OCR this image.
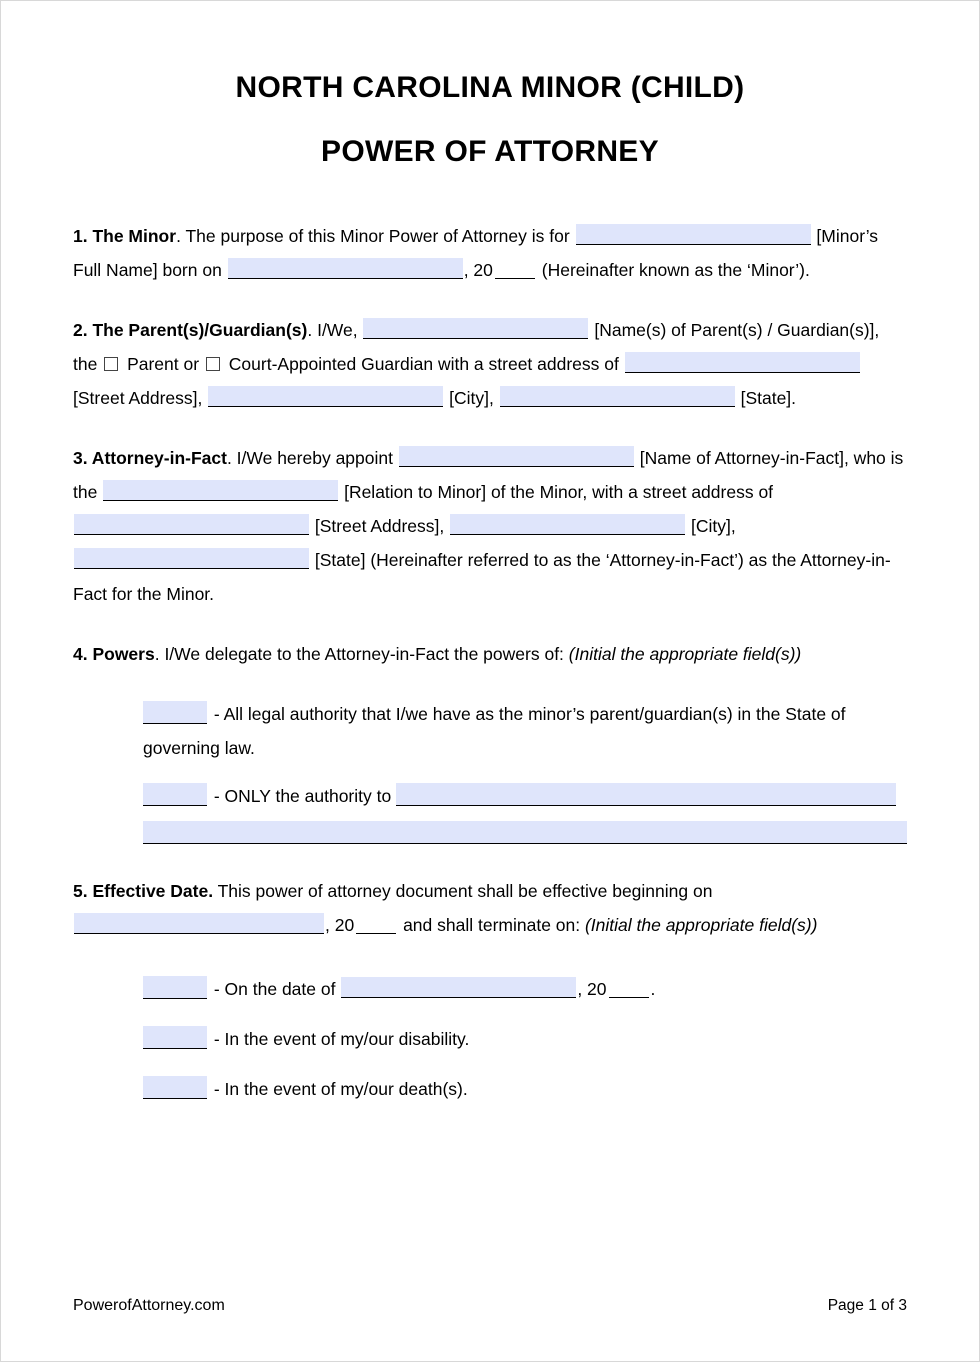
NORTH CAROLINA MINOR (CHILD)
POWER OF ATTORNEY
1. The Minor. The purpose of this Minor Power of Attorney is for	[Minor’s Full Name] born on	, 20	(Hereinafter known as the ‘Minor’).
2. The Parent(s)/Guardian(s). I/We,	[Name(s) of Parent(s) / Guardian(s)], the  Parent or  Court-Appointed Guardian with a street address of  [Street Address],	[City],	[State].
3. Attorney-in-Fact. I/We hereby appoint	[Name of Attorney-in-Fact], who is the	[Relation to Minor] of the Minor, with a street address of  [Street Address],	[City],  [State] (Hereinafter referred to as the ‘Attorney-in-Fact’) as the Attorney-in-Fact for the Minor.
4. Powers. I/We delegate to the Attorney-in-Fact the powers of: (Initial the appropriate field(s))
- All legal authority that I/we have as the minor’s parent/guardian(s) in the State of governing law.
- ONLY the authority to
5. Effective Date. This power of attorney document shall be effective beginning on , 20	and shall terminate on: (Initial the appropriate field(s))
- On the date of	, 20	.
- In the event of my/our disability.
- In the event of my/our death(s).
PowerofAttorney.com	Page 1 of 3
